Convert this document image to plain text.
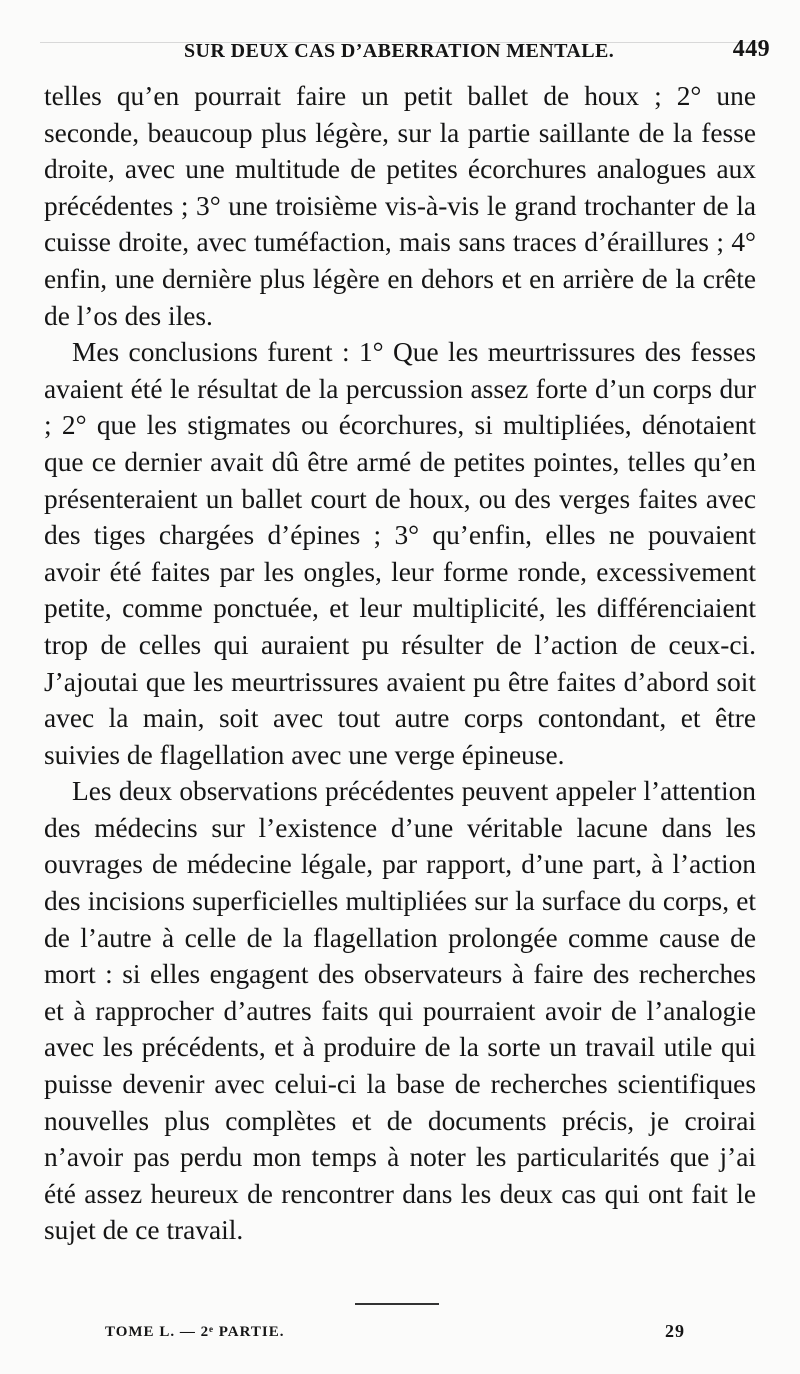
SUR DEUX CAS D’ABERRATION MENTALE.	449

telles qu’en pourrait faire un petit ballet de houx ; 2° une seconde, beaucoup plus légère, sur la partie saillante de la fesse droite, avec une multitude de petites écorchures analogues aux précédentes ; 3° une troisième vis-à-vis le grand trochanter de la cuisse droite, avec tuméfaction, mais sans traces d’éraillures ; 4° enfin, une dernière plus légère en dehors et en arrière de la crête de l’os des iles.

Mes conclusions furent : 1° Que les meurtrissures des fesses avaient été le résultat de la percussion assez forte d’un corps dur ; 2° que les stigmates ou écorchures, si multipliées, dénotaient que ce dernier avait dû être armé de petites pointes, telles qu’en présenteraient un ballet court de houx, ou des verges faites avec des tiges chargées d’épines ; 3° qu’enfin, elles ne pouvaient avoir été faites par les ongles, leur forme ronde, excessivement petite, comme ponctuée, et leur multiplicité, les différenciaient trop de celles qui auraient pu résulter de l’action de ceux-ci. J’ajoutai que les meurtrissures avaient pu être faites d’abord soit avec la main, soit avec tout autre corps contondant, et être suivies de flagellation avec une verge épineuse.

Les deux observations précédentes peuvent appeler l’attention des médecins sur l’existence d’une véritable lacune dans les ouvrages de médecine légale, par rapport, d’une part, à l’action des incisions superficielles multipliées sur la surface du corps, et de l’autre à celle de la flagellation prolongée comme cause de mort : si elles engagent des observateurs à faire des recherches et à rapprocher d’autres faits qui pourraient avoir de l’analogie avec les précédents, et à produire de la sorte un travail utile qui puisse devenir avec celui-ci la base de recherches scientifiques nouvelles plus complètes et de documents précis, je croirai n’avoir pas perdu mon temps à noter les particularités que j’ai été assez heureux de rencontrer dans les deux cas qui ont fait le sujet de ce travail.

TOME L. — 2ᵉ PARTIE.	29
